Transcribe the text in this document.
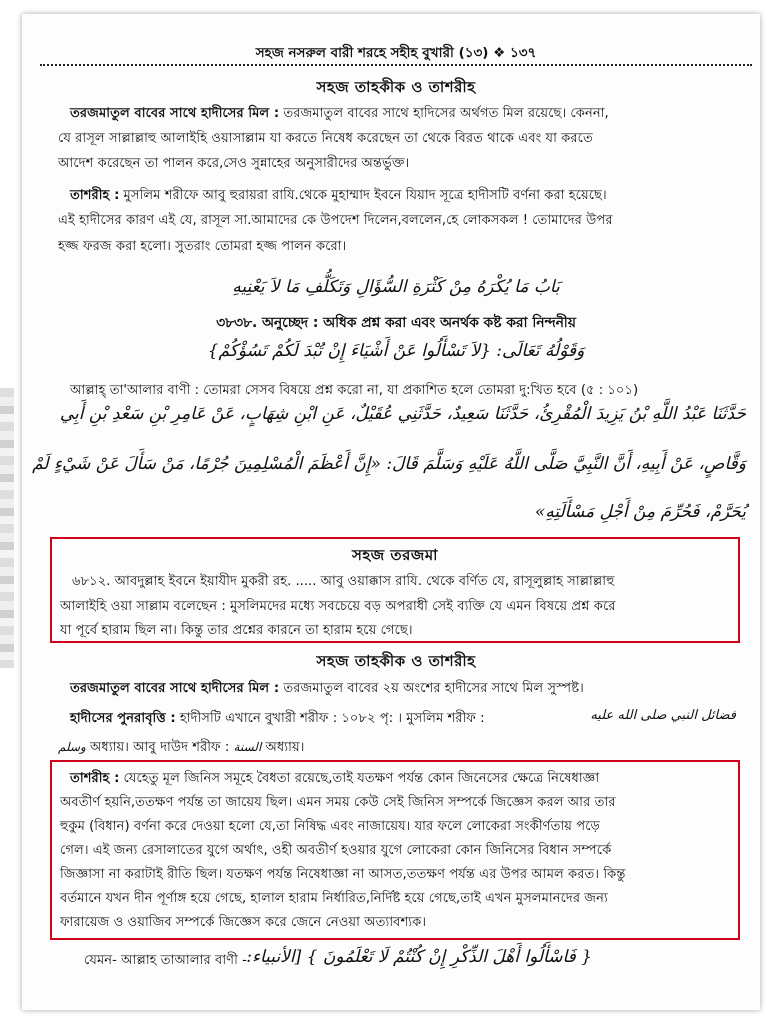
সহজ নসরুল বারী শরহে সহীহ বুখারী (১৩) ❖ ১৩৭
সহজ তাহকীক ও তাশরীহ
তরজমাতুল বাবের সাথে হাদীসের মিল : তরজমাতুল বাবের সাথে হাদিসের অর্থগত মিল রয়েছে। কেননা,
যে রাসূল সাল্লাল্লাহু আলাইহি ওয়াসাল্লাম যা করতে নিষেধ করেছেন তা থেকে বিরত থাকে এবং যা করতে
আদেশ করেছেন তা পালন করে,সেও সুন্নাহের অনুসারীদের অন্তর্ভুক্ত।
তাশরীহ : মুসলিম শরীফে আবু হুরায়রা রাযি.থেকে মুহাম্মাদ ইবনে যিয়াদ সূত্রে হাদীসটি বর্ণনা করা হয়েছে।
এই হাদীসের কারণ এই যে, রাসূল সা.আমাদের কে উপদেশ দিলেন,বললেন,হে লোকসকল ! তোমাদের উপর
হজ্জ ফরজ করা হলো। সুতরাং তোমরা হজ্জ পালন করো।
بَابُ مَا يُكْرَهُ مِنْ كَثْرَةِ السُّؤَالِ وَتَكَلُّفِ مَا لاَ يَعْنِيهِ
৩৮৩৮. অনুচ্ছেদ : অধিক প্রশ্ন করা এবং অনর্থক কষ্ট করা নিন্দনীয়
وَقَوْلُهُ تَعَالَى: {لاَ تَسْأَلُوا عَنْ أَشْيَاءَ إِنْ تُبْدَ لَكُمْ تَسُؤْكُمْ}
আল্লাহ্ তা'আলার বাণী : তোমরা সেসব বিষয়ে প্রশ্ন করো না, যা প্রকাশিত হলে তোমরা দু:খিত হবে (৫ : ১০১)
حَدَّثَنَا عَبْدُ اللَّهِ بْنُ يَزِيدَ الْمُقْرِئُ، حَدَّثَنَا سَعِيدٌ، حَدَّثَنِي عُقَيْلٌ، عَنِ ابْنِ شِهَابٍ، عَنْ عَامِرِ بْنِ سَعْدِ بْنِ أَبِي
وَقَّاصٍ، عَنْ أَبِيهِ، أَنَّ النَّبِيَّ صَلَّى اللَّهُ عَلَيْهِ وَسَلَّمَ قَالَ: «إِنَّ أَعْظَمَ الْمُسْلِمِينَ جُرْمًا، مَنْ سَأَلَ عَنْ شَيْءٍ لَمْ
يُحَرَّمْ، فَحُرِّمَ مِنْ أَجْلِ مَسْأَلَتِهِ»
সহজ তরজমা
৬৮১২. আবদুল্লাহ ইবনে ইয়াযীদ মুকরী রহ. ..... আবু ওয়াক্কাস রাযি. থেকে বর্ণিত যে, রাসূলুল্লাহ সাল্লাল্লাহু
আলাইহি ওয়া সাল্লাম বলেছেন : মুসলিমদের মধ্যে সবচেয়ে বড় অপরাধী সেই ব্যক্তি যে এমন বিষয়ে প্রশ্ন করে
যা পূর্বে হারাম ছিল না। কিন্তু তার প্রশ্নের কারনে তা হারাম হয়ে গেছে।
সহজ তাহকীক ও তাশরীহ
তরজমাতুল বাবের সাথে হাদীসের মিল : তরজমাতুল বাবের ২য় অংশের হাদীসের সাথে মিল সুস্পষ্ট।
হাদীসের পুনরাবৃত্তি : হাদীসটি এখানে বুখারী শরীফ : ১০৮২ পৃ: । মুসলিম শরীফ :	فضائل النبي صلى الله عليه
وسلم অধ্যায়। আবু দাউদ শরীফ : السنة অধ্যায়।
তাশরীহ : যেহেতু মূল জিনিস সমূহে বৈধতা রয়েছে,তাই যতক্ষণ পর্যন্ত কোন জিনেসের ক্ষেত্রে নিষেধাজ্ঞা
অবতীর্ণ হয়নি,ততক্ষণ পর্যন্ত তা জায়েয ছিল। এমন সময় কেউ সেই জিনিস সম্পর্কে জিজ্ঞেস করল আর তার
হুকুম (বিধান) বর্ণনা করে দেওয়া হলো যে,তা নিষিদ্ধ এবং নাজায়েয। যার ফলে লোকেরা সংকীর্ণতায় পড়ে
গেল। এই জন্য রেসালাতের যুগে অর্থাৎ, ওহী অবতীর্ণ হওয়ার যুগে লোকেরা কোন জিনিসের বিধান সম্পর্কে
জিজ্ঞাসা না করাটাই রীতি ছিল। যতক্ষণ পর্যন্ত নিষেধাজ্ঞা না আসত,ততক্ষণ পর্যন্ত এর উপর আমল করত। কিন্তু
বর্তমানে যখন দীন পূর্ণাঙ্গ হয়ে গেছে, হালাল হারাম নির্ধারিত,নির্দিষ্ট হয়ে গেছে,তাই এখন মুসলমানদের জন্য
ফারায়েজ ও ওয়াজিব সম্পর্কে জিজ্ঞেস করে জেনে নেওয়া অত্যাবশ্যক।
যেমন- আল্লাহ তাআলার বাণী - { فَاسْأَلُوا أَهْلَ الذِّكْرِ إِنْ كُنْتُمْ لَا تَعْلَمُونَ } [الأنبياء:
